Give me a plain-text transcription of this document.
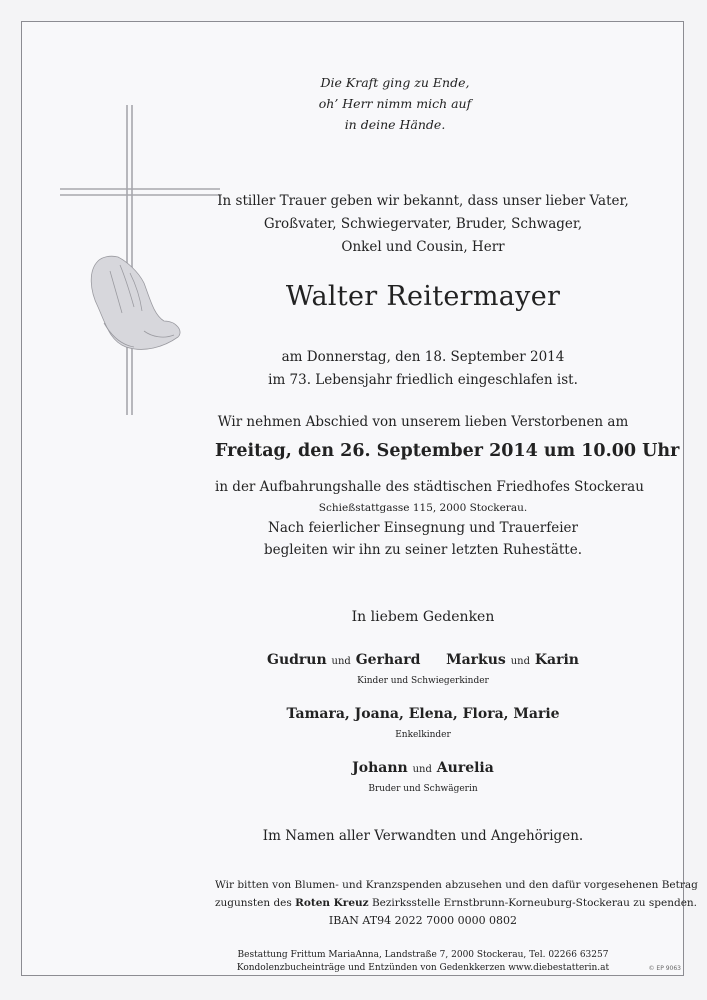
Die Kraft ging zu Ende,
oh’ Herr nimm mich auf
in deine Hände.
In stiller Trauer geben wir bekannt, dass unser lieber Vater,
Großvater, Schwiegervater, Bruder, Schwager,
Onkel und Cousin, Herr
Walter Reitermayer
am Donnerstag, den 18. September 2014
im 73. Lebensjahr friedlich eingeschlafen ist.
Wir nehmen Abschied von unserem lieben Verstorbenen am
Freitag, den 26. September 2014 um 10.00 Uhr
in der Aufbahrungshalle des städtischen Friedhofes Stockerau
Schießstattgasse 115, 2000 Stockerau.
Nach feierlicher Einsegnung und Trauerfeier
begleiten wir ihn zu seiner letzten Ruhestätte.
In liebem Gedenken
Gudrun und Gerhard Markus und Karin
Kinder und Schwiegerkinder
Tamara, Joana, Elena, Flora, Marie
Enkelkinder
Johann und Aurelia
Bruder und Schwägerin
Im Namen aller Verwandten und Angehörigen.
Wir bitten von Blumen- und Kranzspenden abzusehen und den dafür vorgesehenen Betrag
zugunsten des Roten Kreuz Bezirksstelle Ernstbrunn-Korneuburg-Stockerau zu spenden.
IBAN AT94 2022 7000 0000 0802
Bestattung Frittum MariaAnna, Landstraße 7, 2000 Stockerau, Tel. 02266 63257
Kondolenzbucheinträge und Entzünden von Gedenkkerzen www.diebestatterin.at	© EP 9063
